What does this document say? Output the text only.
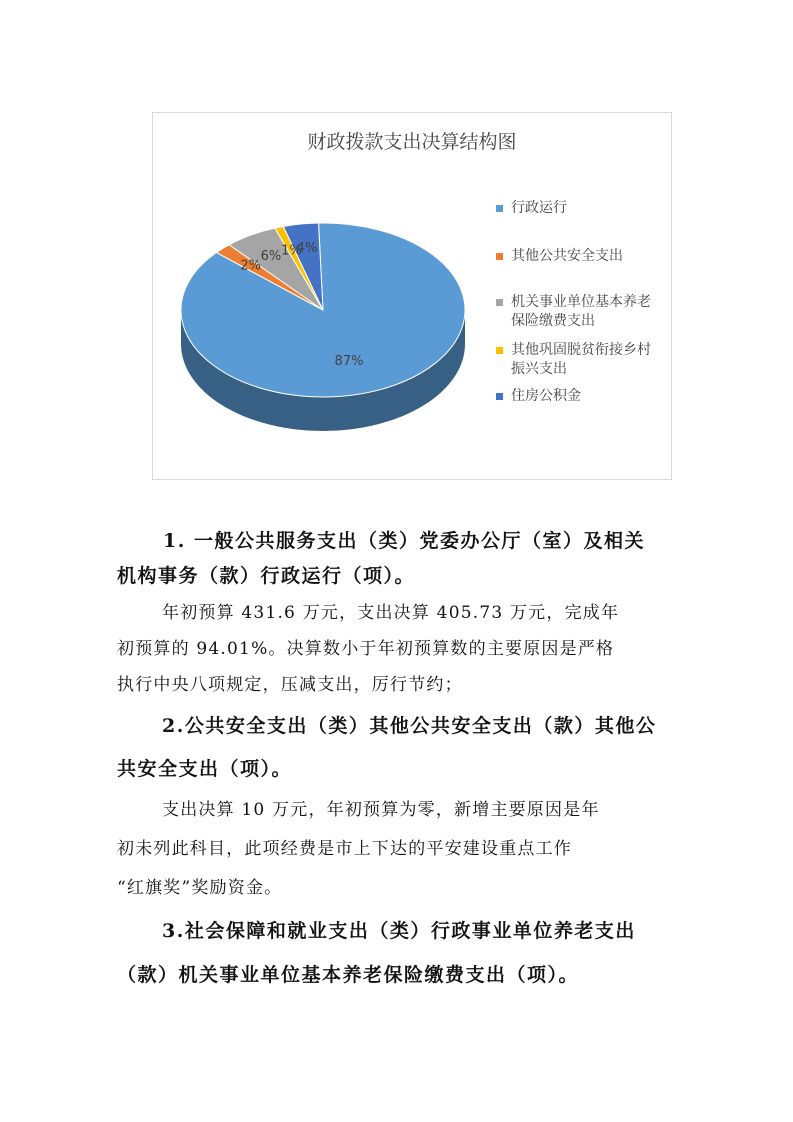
财政拨款支出决算结构图
87%
2%
6% 1%
4%
行政运行
其他公共安全支出
机关事业单位基本养老
保险缴费支出
其他巩固脱贫衔接乡村
振兴支出
住房公积金

1. 一般公共服务支出（类）党委办公厅（室）及相关

机构事务（款）行政运行（项）。

年初预算 431.6 万元，支出决算 405.73 万元，完成年

初预算的 94.01%。决算数小于年初预算数的主要原因是严格

执行中央八项规定，压减支出，厉行节约；

2.公共安全支出（类）其他公共安全支出（款）其他公

共安全支出（项）。

支出决算 10 万元，年初预算为零，新增主要原因是年

初未列此科目，此项经费是市上下达的平安建设重点工作

“红旗奖”奖励资金。

3.社会保障和就业支出（类）行政事业单位养老支出

（款）机关事业单位基本养老保险缴费支出（项）。
